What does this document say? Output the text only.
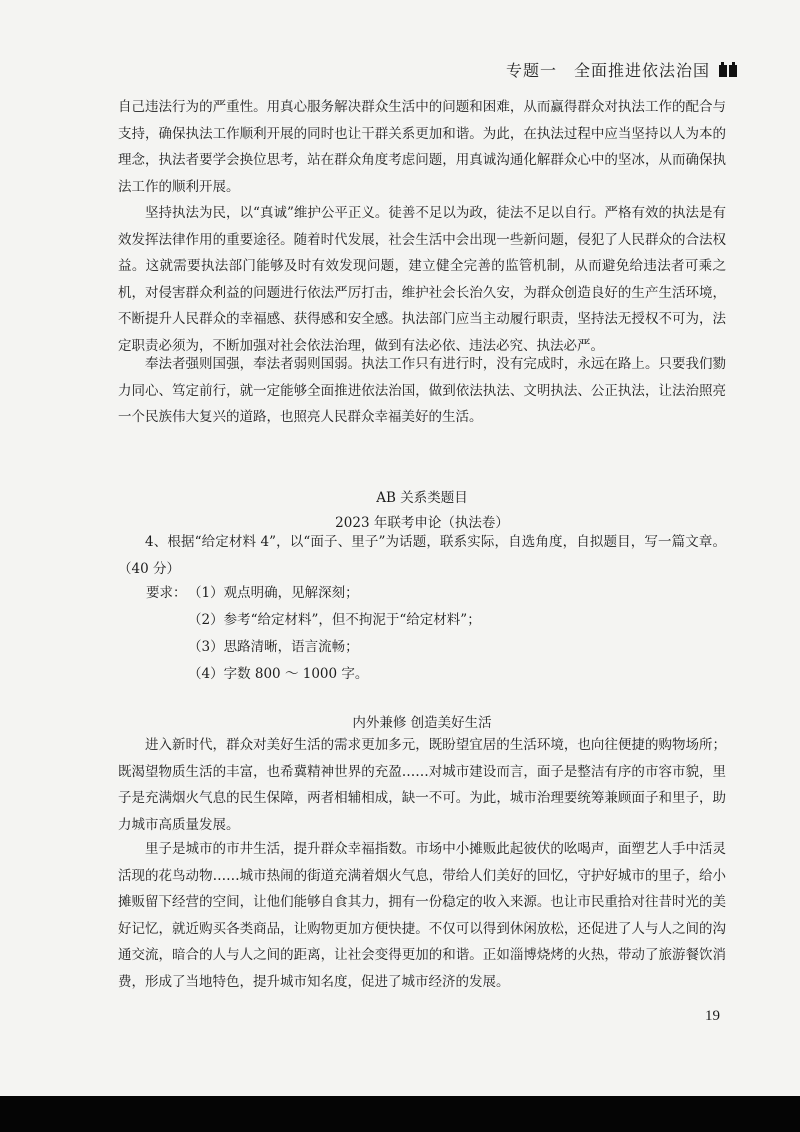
专题一　全面推进依法治国

自己违法行为的严重性。用真心服务解决群众生活中的问题和困难，从而赢得群众对执法工作的配合与支持，确保执法工作顺利开展的同时也让干群关系更加和谐。为此，在执法过程中应当坚持以人为本的理念，执法者要学会换位思考，站在群众角度考虑问题，用真诚沟通化解群众心中的坚冰，从而确保执法工作的顺利开展。

坚持执法为民，以“真诚”维护公平正义。徒善不足以为政，徒法不足以自行。严格有效的执法是有效发挥法律作用的重要途径。随着时代发展，社会生活中会出现一些新问题，侵犯了人民群众的合法权益。这就需要执法部门能够及时有效发现问题，建立健全完善的监管机制，从而避免给违法者可乘之机，对侵害群众利益的问题进行依法严厉打击，维护社会长治久安，为群众创造良好的生产生活环境，不断提升人民群众的幸福感、获得感和安全感。执法部门应当主动履行职责，坚持法无授权不可为，法定职责必须为，不断加强对社会依法治理，做到有法必依、违法必究、执法必严。

奉法者强则国强，奉法者弱则国弱。执法工作只有进行时，没有完成时，永远在路上。只要我们勠力同心、笃定前行，就一定能够全面推进依法治国，做到依法执法、文明执法、公正执法，让法治照亮一个民族伟大复兴的道路，也照亮人民群众幸福美好的生活。

AB 关系类题目

2023 年联考申论（执法卷）

4、根据“给定材料 4”，以“面子、里子”为话题，联系实际，自选角度，自拟题目，写一篇文章。（40 分）

要求： （1）观点明确，见解深刻；

（2）参考“给定材料”，但不拘泥于“给定材料”；

（3）思路清晰，语言流畅；

（4）字数 800 ～ 1000 字。

内外兼修 创造美好生活

进入新时代，群众对美好生活的需求更加多元，既盼望宜居的生活环境，也向往便捷的购物场所；既渴望物质生活的丰富，也希冀精神世界的充盈……对城市建设而言，面子是整洁有序的市容市貌，里子是充满烟火气息的民生保障，两者相辅相成，缺一不可。为此，城市治理要统筹兼顾面子和里子，助力城市高质量发展。

里子是城市的市井生活，提升群众幸福指数。市场中小摊贩此起彼伏的吆喝声，面塑艺人手中活灵活现的花鸟动物……城市热闹的街道充满着烟火气息，带给人们美好的回忆，守护好城市的里子，给小摊贩留下经营的空间，让他们能够自食其力，拥有一份稳定的收入来源。也让市民重拾对往昔时光的美好记忆，就近购买各类商品，让购物更加方便快捷。不仅可以得到休闲放松，还促进了人与人之间的沟通交流，暗合的人与人之间的距离，让社会变得更加的和谐。正如淄博烧烤的火热，带动了旅游餐饮消费，形成了当地特色，提升城市知名度，促进了城市经济的发展。

19
